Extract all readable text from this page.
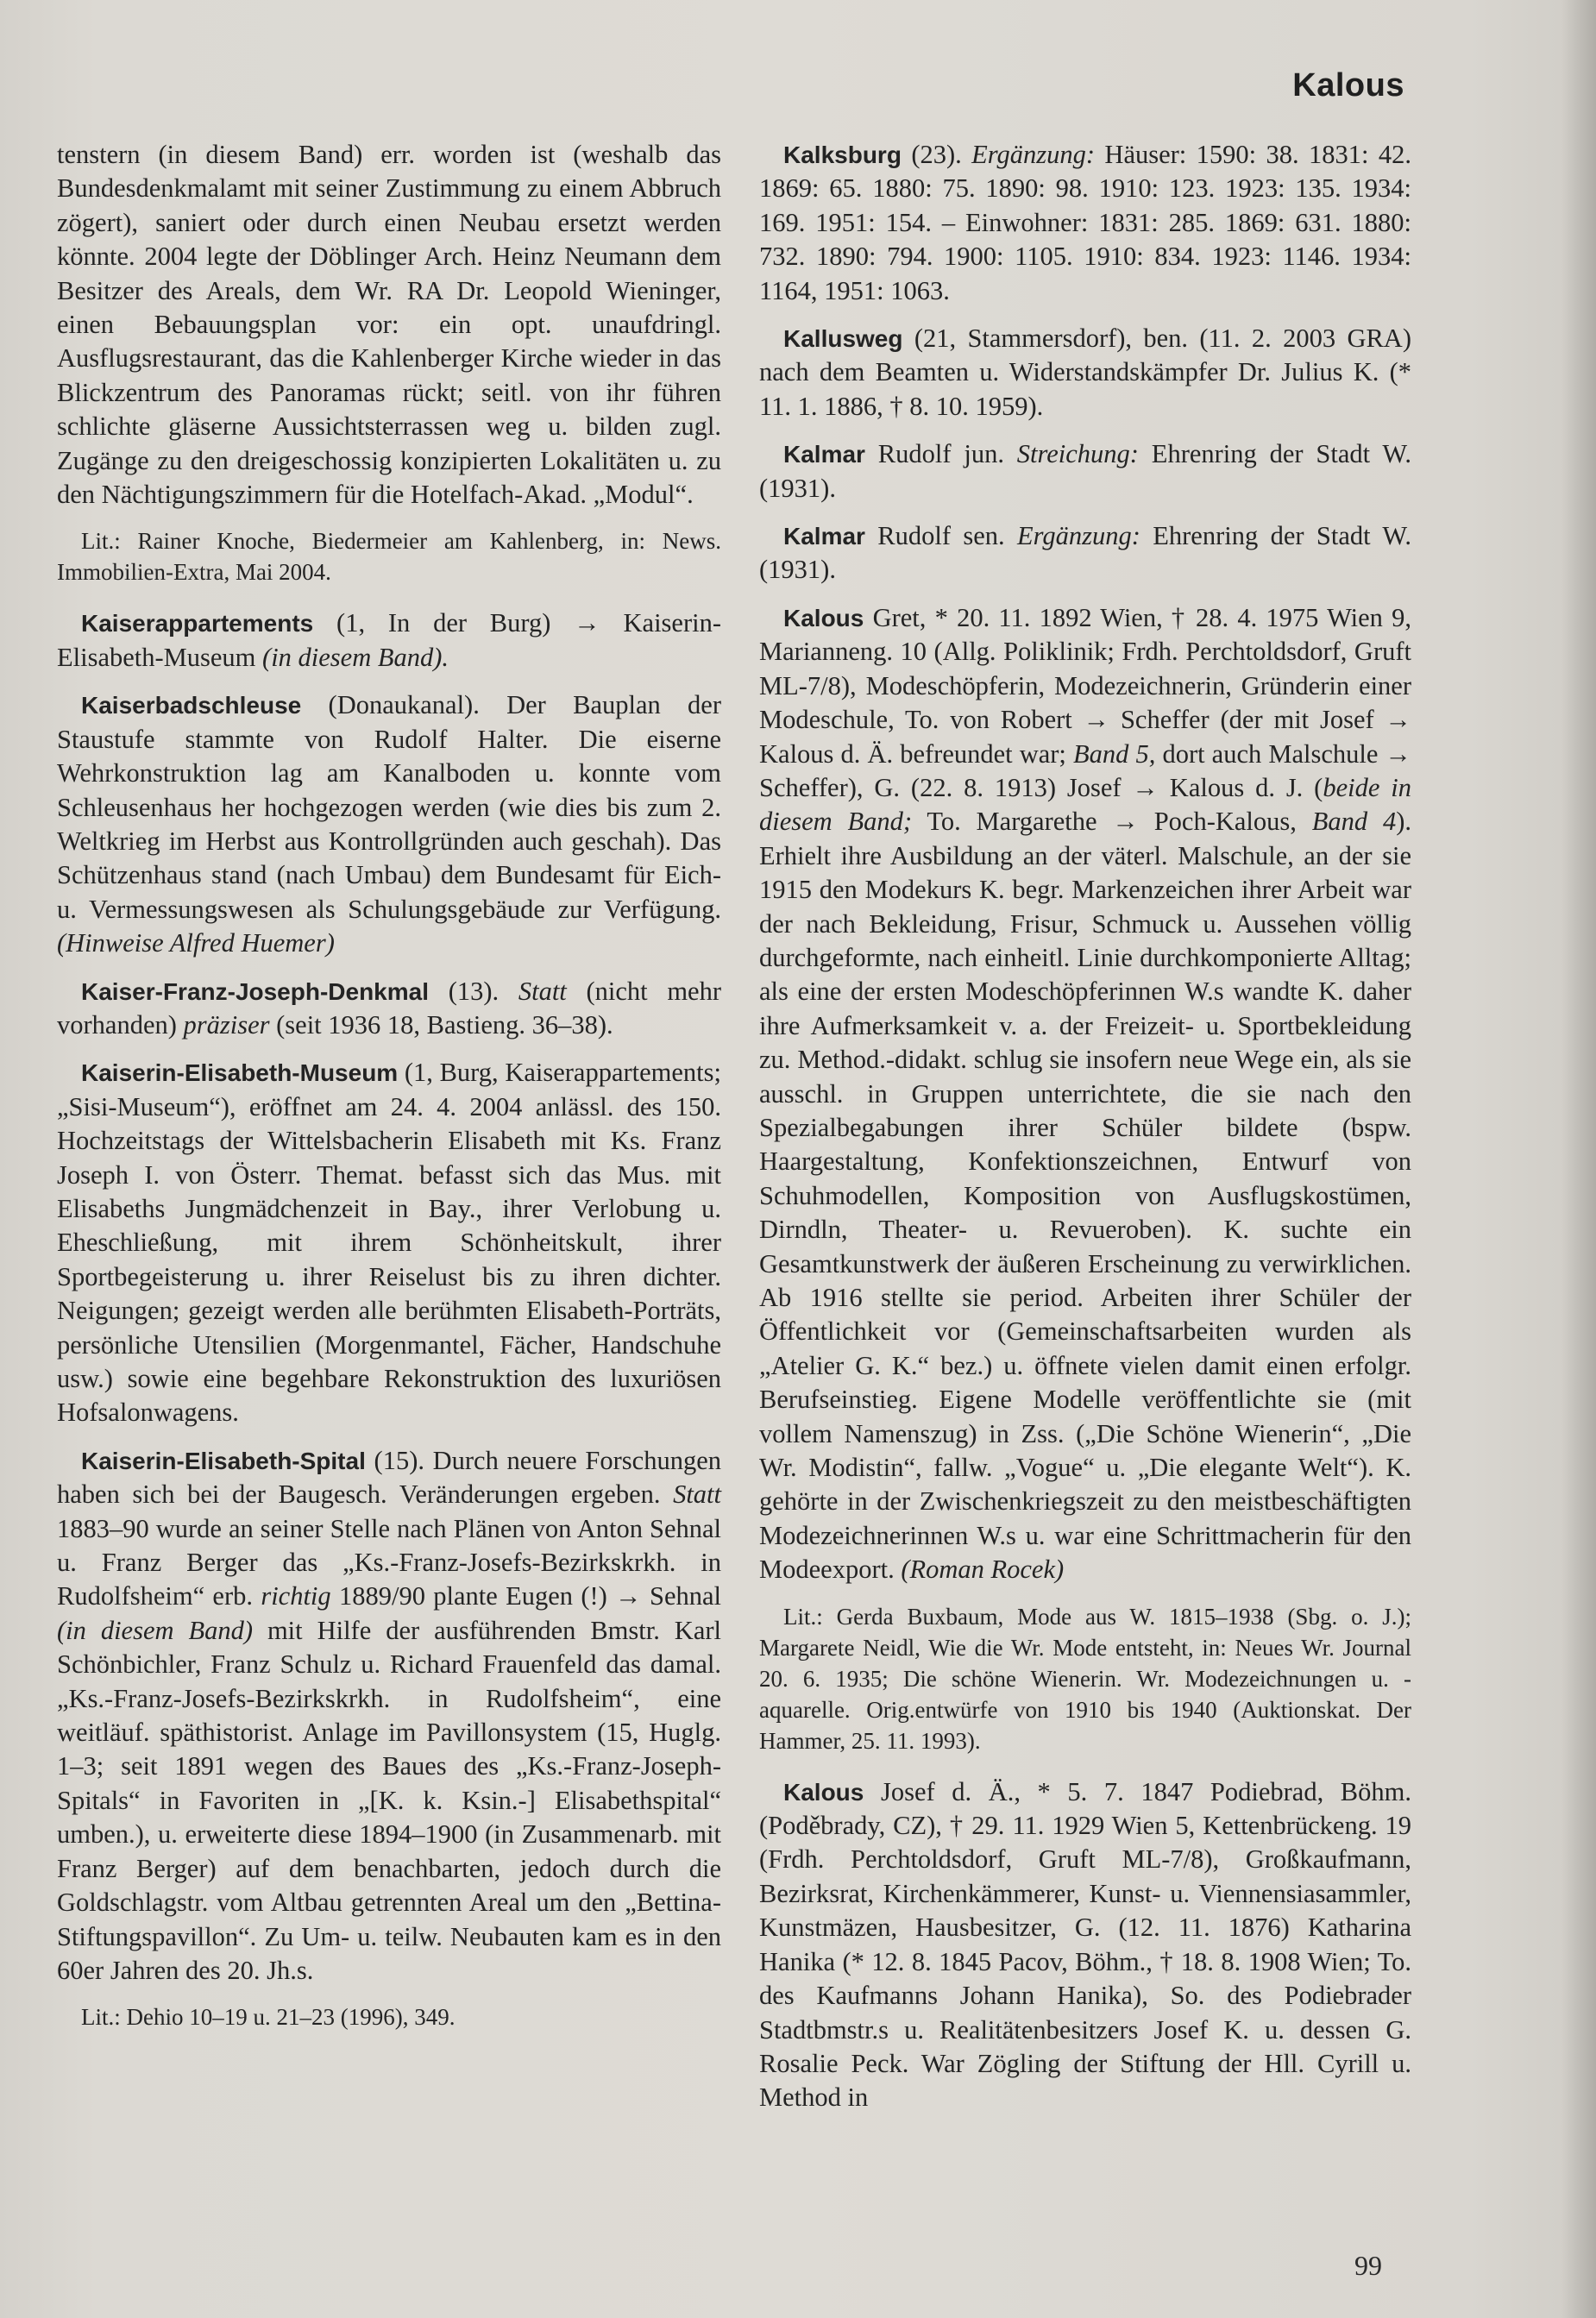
Kalous

tenstern (in diesem Band) err. worden ist (weshalb das Bundesdenkmalamt mit seiner Zustimmung zu einem Abbruch zögert), saniert oder durch einen Neubau ersetzt werden könnte. 2004 legte der Döblinger Arch. Heinz Neumann dem Besitzer des Areals, dem Wr. RA Dr. Leopold Wieninger, einen Bebauungsplan vor: ein opt. unaufdringl. Ausflugsrestaurant, das die Kahlenberger Kirche wieder in das Blickzentrum des Panoramas rückt; seitl. von ihr führen schlichte gläserne Aussichtsterrassen weg u. bilden zugl. Zugänge zu den dreigeschossig konzipierten Lokalitäten u. zu den Nächtigungszimmern für die Hotelfach-Akad. „Modul“.

Lit.: Rainer Knoche, Biedermeier am Kahlenberg, in: News. Immobilien-Extra, Mai 2004.

Kaiserappartements (1, In der Burg) → Kaiserin-Elisabeth-Museum (in diesem Band).

Kaiserbadschleuse (Donaukanal). Der Bauplan der Staustufe stammte von Rudolf Halter. Die eiserne Wehrkonstruktion lag am Kanalboden u. konnte vom Schleusenhaus her hochgezogen werden (wie dies bis zum 2. Weltkrieg im Herbst aus Kontrollgründen auch geschah). Das Schützenhaus stand (nach Umbau) dem Bundesamt für Eich- u. Vermessungswesen als Schulungsgebäude zur Verfügung. (Hinweise Alfred Huemer)

Kaiser-Franz-Joseph-Denkmal (13). Statt (nicht mehr vorhanden) präziser (seit 1936 18, Bastieng. 36–38).

Kaiserin-Elisabeth-Museum (1, Burg, Kaiserappartements; „Sisi-Museum“), eröffnet am 24. 4. 2004 anlässl. des 150. Hochzeitstags der Wittelsbacherin Elisabeth mit Ks. Franz Joseph I. von Österr. Themat. befasst sich das Mus. mit Elisabeths Jungmädchenzeit in Bay., ihrer Verlobung u. Eheschließung, mit ihrem Schönheitskult, ihrer Sportbegeisterung u. ihrer Reiselust bis zu ihren dichter. Neigungen; gezeigt werden alle berühmten Elisabeth-Porträts, persönliche Utensilien (Morgenmantel, Fächer, Handschuhe usw.) sowie eine begehbare Rekonstruktion des luxuriösen Hofsalonwagens.

Kaiserin-Elisabeth-Spital (15). Durch neuere Forschungen haben sich bei der Baugesch. Veränderungen ergeben. Statt 1883–90 wurde an seiner Stelle nach Plänen von Anton Sehnal u. Franz Berger das „Ks.-Franz-Josefs-Bezirkskrkh. in Rudolfsheim“ erb. richtig 1889/90 plante Eugen (!) → Sehnal (in diesem Band) mit Hilfe der ausführenden Bmstr. Karl Schönbichler, Franz Schulz u. Richard Frauenfeld das damal. „Ks.-Franz-Josefs-Bezirkskrkh. in Rudolfsheim“, eine weitläuf. späthistorist. Anlage im Pavillonsystem (15, Huglg. 1–3; seit 1891 wegen des Baues des „Ks.-Franz-Joseph-Spitals“ in Favoriten in „[K. k. Ksin.-] Elisabethspital“ umben.), u. erweiterte diese 1894–1900 (in Zusammenarb. mit Franz Berger) auf dem benachbarten, jedoch durch die Goldschlagstr. vom Altbau getrennten Areal um den „Bettina-Stiftungspavillon“. Zu Um- u. teilw. Neubauten kam es in den 60er Jahren des 20. Jh.s.

Lit.: Dehio 10–19 u. 21–23 (1996), 349.

Kalksburg (23). Ergänzung: Häuser: 1590: 38. 1831: 42. 1869: 65. 1880: 75. 1890: 98. 1910: 123. 1923: 135. 1934: 169. 1951: 154. – Einwohner: 1831: 285. 1869: 631. 1880: 732. 1890: 794. 1900: 1105. 1910: 834. 1923: 1146. 1934: 1164, 1951: 1063.

Kallusweg (21, Stammersdorf), ben. (11. 2. 2003 GRA) nach dem Beamten u. Widerstandskämpfer Dr. Julius K. (* 11. 1. 1886, † 8. 10. 1959).

Kalmar Rudolf jun. Streichung: Ehrenring der Stadt W. (1931).

Kalmar Rudolf sen. Ergänzung: Ehrenring der Stadt W. (1931).

Kalous Gret, * 20. 11. 1892 Wien, † 28. 4. 1975 Wien 9, Marianneng. 10 (Allg. Poliklinik; Frdh. Perchtoldsdorf, Gruft ML-7/8), Modeschöpferin, Modezeichnerin, Gründerin einer Modeschule, To. von Robert → Scheffer (der mit Josef → Kalous d. Ä. befreundet war; Band 5, dort auch Malschule → Scheffer), G. (22. 8. 1913) Josef → Kalous d. J. (beide in diesem Band; To. Margarethe → Poch-Kalous, Band 4). Erhielt ihre Ausbildung an der väterl. Malschule, an der sie 1915 den Modekurs K. begr. Markenzeichen ihrer Arbeit war der nach Bekleidung, Frisur, Schmuck u. Aussehen völlig durchgeformte, nach einheitl. Linie durchkomponierte Alltag; als eine der ersten Modeschöpferinnen W.s wandte K. daher ihre Aufmerksamkeit v. a. der Freizeit- u. Sportbekleidung zu. Method.-didakt. schlug sie insofern neue Wege ein, als sie ausschl. in Gruppen unterrichtete, die sie nach den Spezialbegabungen ihrer Schüler bildete (bspw. Haargestaltung, Konfektionszeichnen, Entwurf von Schuhmodellen, Komposition von Ausflugskostümen, Dirndln, Theater- u. Revueroben). K. suchte ein Gesamtkunstwerk der äußeren Erscheinung zu verwirklichen. Ab 1916 stellte sie period. Arbeiten ihrer Schüler der Öffentlichkeit vor (Gemeinschaftsarbeiten wurden als „Atelier G. K.“ bez.) u. öffnete vielen damit einen erfolgr. Berufseinstieg. Eigene Modelle veröffentlichte sie (mit vollem Namenszug) in Zss. („Die Schöne Wienerin“, „Die Wr. Modistin“, fallw. „Vogue“ u. „Die elegante Welt“). K. gehörte in der Zwischenkriegszeit zu den meistbeschäftigten Modezeichnerinnen W.s u. war eine Schrittmacherin für den Modeexport. (Roman Rocek)

Lit.: Gerda Buxbaum, Mode aus W. 1815–1938 (Sbg. o. J.); Margarete Neidl, Wie die Wr. Mode entsteht, in: Neues Wr. Journal 20. 6. 1935; Die schöne Wienerin. Wr. Modezeichnungen u. -aquarelle. Orig.entwürfe von 1910 bis 1940 (Auktionskat. Der Hammer, 25. 11. 1993).

Kalous Josef d. Ä., * 5. 7. 1847 Podiebrad, Böhm. (Poděbrady, CZ), † 29. 11. 1929 Wien 5, Kettenbrückeng. 19 (Frdh. Perchtoldsdorf, Gruft ML-7/8), Großkaufmann, Bezirksrat, Kirchenkämmerer, Kunst- u. Viennensiasammler, Kunstmäzen, Hausbesitzer, G. (12. 11. 1876) Katharina Hanika (* 12. 8. 1845 Pacov, Böhm., † 18. 8. 1908 Wien; To. des Kaufmanns Johann Hanika), So. des Podiebrader Stadtbmstr.s u. Realitätenbesitzers Josef K. u. dessen G. Rosalie Peck. War Zögling der Stiftung der Hll. Cyrill u. Method in

99
